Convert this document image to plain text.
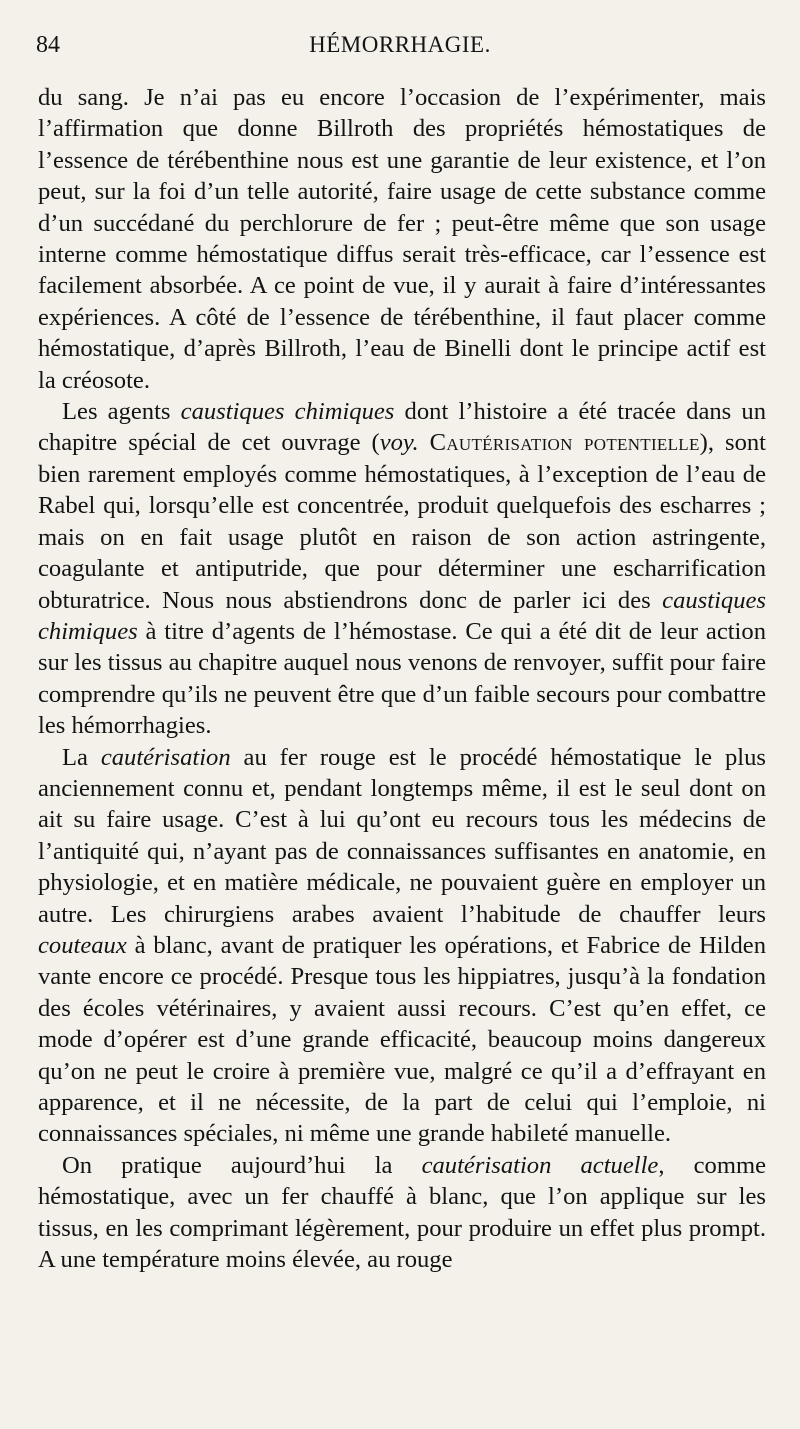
84	HÉMORRHAGIE.

du sang. Je n’ai pas eu encore l’occasion de l’expérimenter, mais l’affirmation que donne Billroth des propriétés hémostatiques de l’essence de térébenthine nous est une garantie de leur existence, et l’on peut, sur la foi d’un telle autorité, faire usage de cette substance comme d’un succédané du perchlorure de fer ; peut-être même que son usage interne comme hémostatique diffus serait très-efficace, car l’essence est facilement absorbée. A ce point de vue, il y aurait à faire d’intéressantes expériences. A côté de l’essence de térébenthine, il faut placer comme hémostatique, d’après Billroth, l’eau de Binelli dont le principe actif est la créosote.

Les agents caustiques chimiques dont l’histoire a été tracée dans un chapitre spécial de cet ouvrage (voy. Cautérisation potentielle), sont bien rarement employés comme hémostatiques, à l’exception de l’eau de Rabel qui, lorsqu’elle est concentrée, produit quelquefois des escharres ; mais on en fait usage plutôt en raison de son action astringente, coagulante et antiputride, que pour déterminer une escharrification obturatrice. Nous nous abstiendrons donc de parler ici des caustiques chimiques à titre d’agents de l’hémostase. Ce qui a été dit de leur action sur les tissus au chapitre auquel nous venons de renvoyer, suffit pour faire comprendre qu’ils ne peuvent être que d’un faible secours pour combattre les hémorrhagies.

La cautérisation au fer rouge est le procédé hémostatique le plus anciennement connu et, pendant longtemps même, il est le seul dont on ait su faire usage. C’est à lui qu’ont eu recours tous les médecins de l’antiquité qui, n’ayant pas de connaissances suffisantes en anatomie, en physiologie, et en matière médicale, ne pouvaient guère en employer un autre. Les chirurgiens arabes avaient l’habitude de chauffer leurs couteaux à blanc, avant de pratiquer les opérations, et Fabrice de Hilden vante encore ce procédé. Presque tous les hippiatres, jusqu’à la fondation des écoles vétérinaires, y avaient aussi recours. C’est qu’en effet, ce mode d’opérer est d’une grande efficacité, beaucoup moins dangereux qu’on ne peut le croire à première vue, malgré ce qu’il a d’effrayant en apparence, et il ne nécessite, de la part de celui qui l’emploie, ni connaissances spéciales, ni même une grande habileté manuelle.

On pratique aujourd’hui la cautérisation actuelle, comme hémostatique, avec un fer chauffé à blanc, que l’on applique sur les tissus, en les comprimant légèrement, pour produire un effet plus prompt. A une température moins élevée, au rouge
